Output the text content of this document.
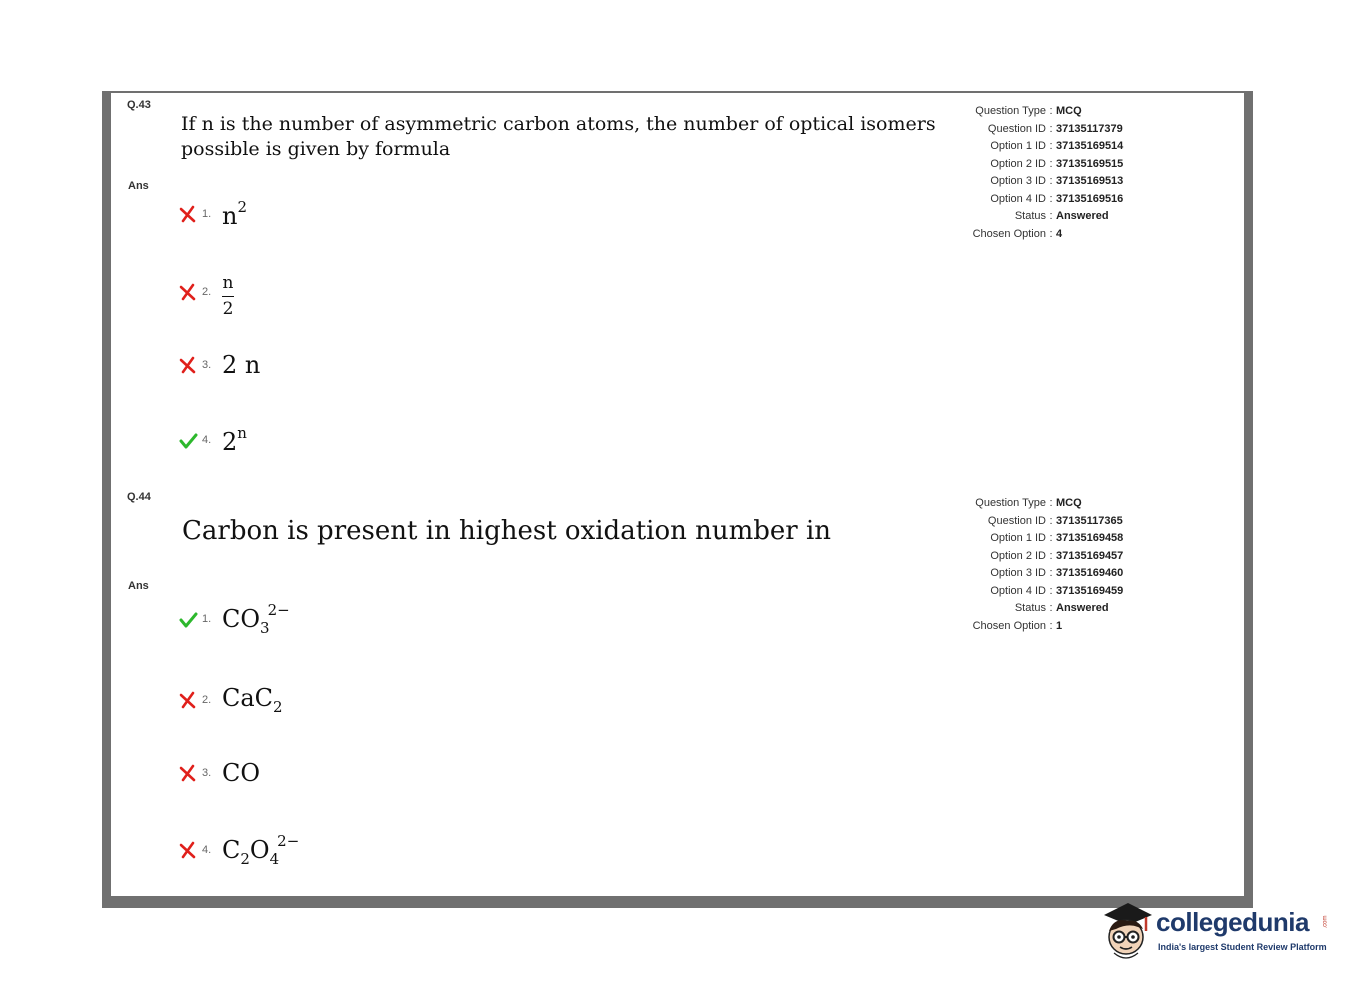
Q.43
If n is the number of asymmetric carbon atoms, the number of optical isomers
possible is given by formula
Ans
1. $n^2$
2. $\frac{n}{2}$
3. 2 n
4. 2$^n$
Question Type : MCQ
Question ID : 37135117379
Option 1 ID : 37135169514
Option 2 ID : 37135169515
Option 3 ID : 37135169513
Option 4 ID : 37135169516
Status : Answered
Chosen Option : 4
Q.44
Carbon is present in highest oxidation number in
Ans
1. $CO_3^{2-}$
2. CaC$_2$
3. CO
4. $C_2O_4^{2-}$
Question Type : MCQ
Question ID : 37135117365
Option 1 ID : 37135169458
Option 2 ID : 37135169457
Option 3 ID : 37135169460
Option 4 ID : 37135169459
Status : Answered
Chosen Option : 1
collegedunia .com
India's largest Student Review Platform
